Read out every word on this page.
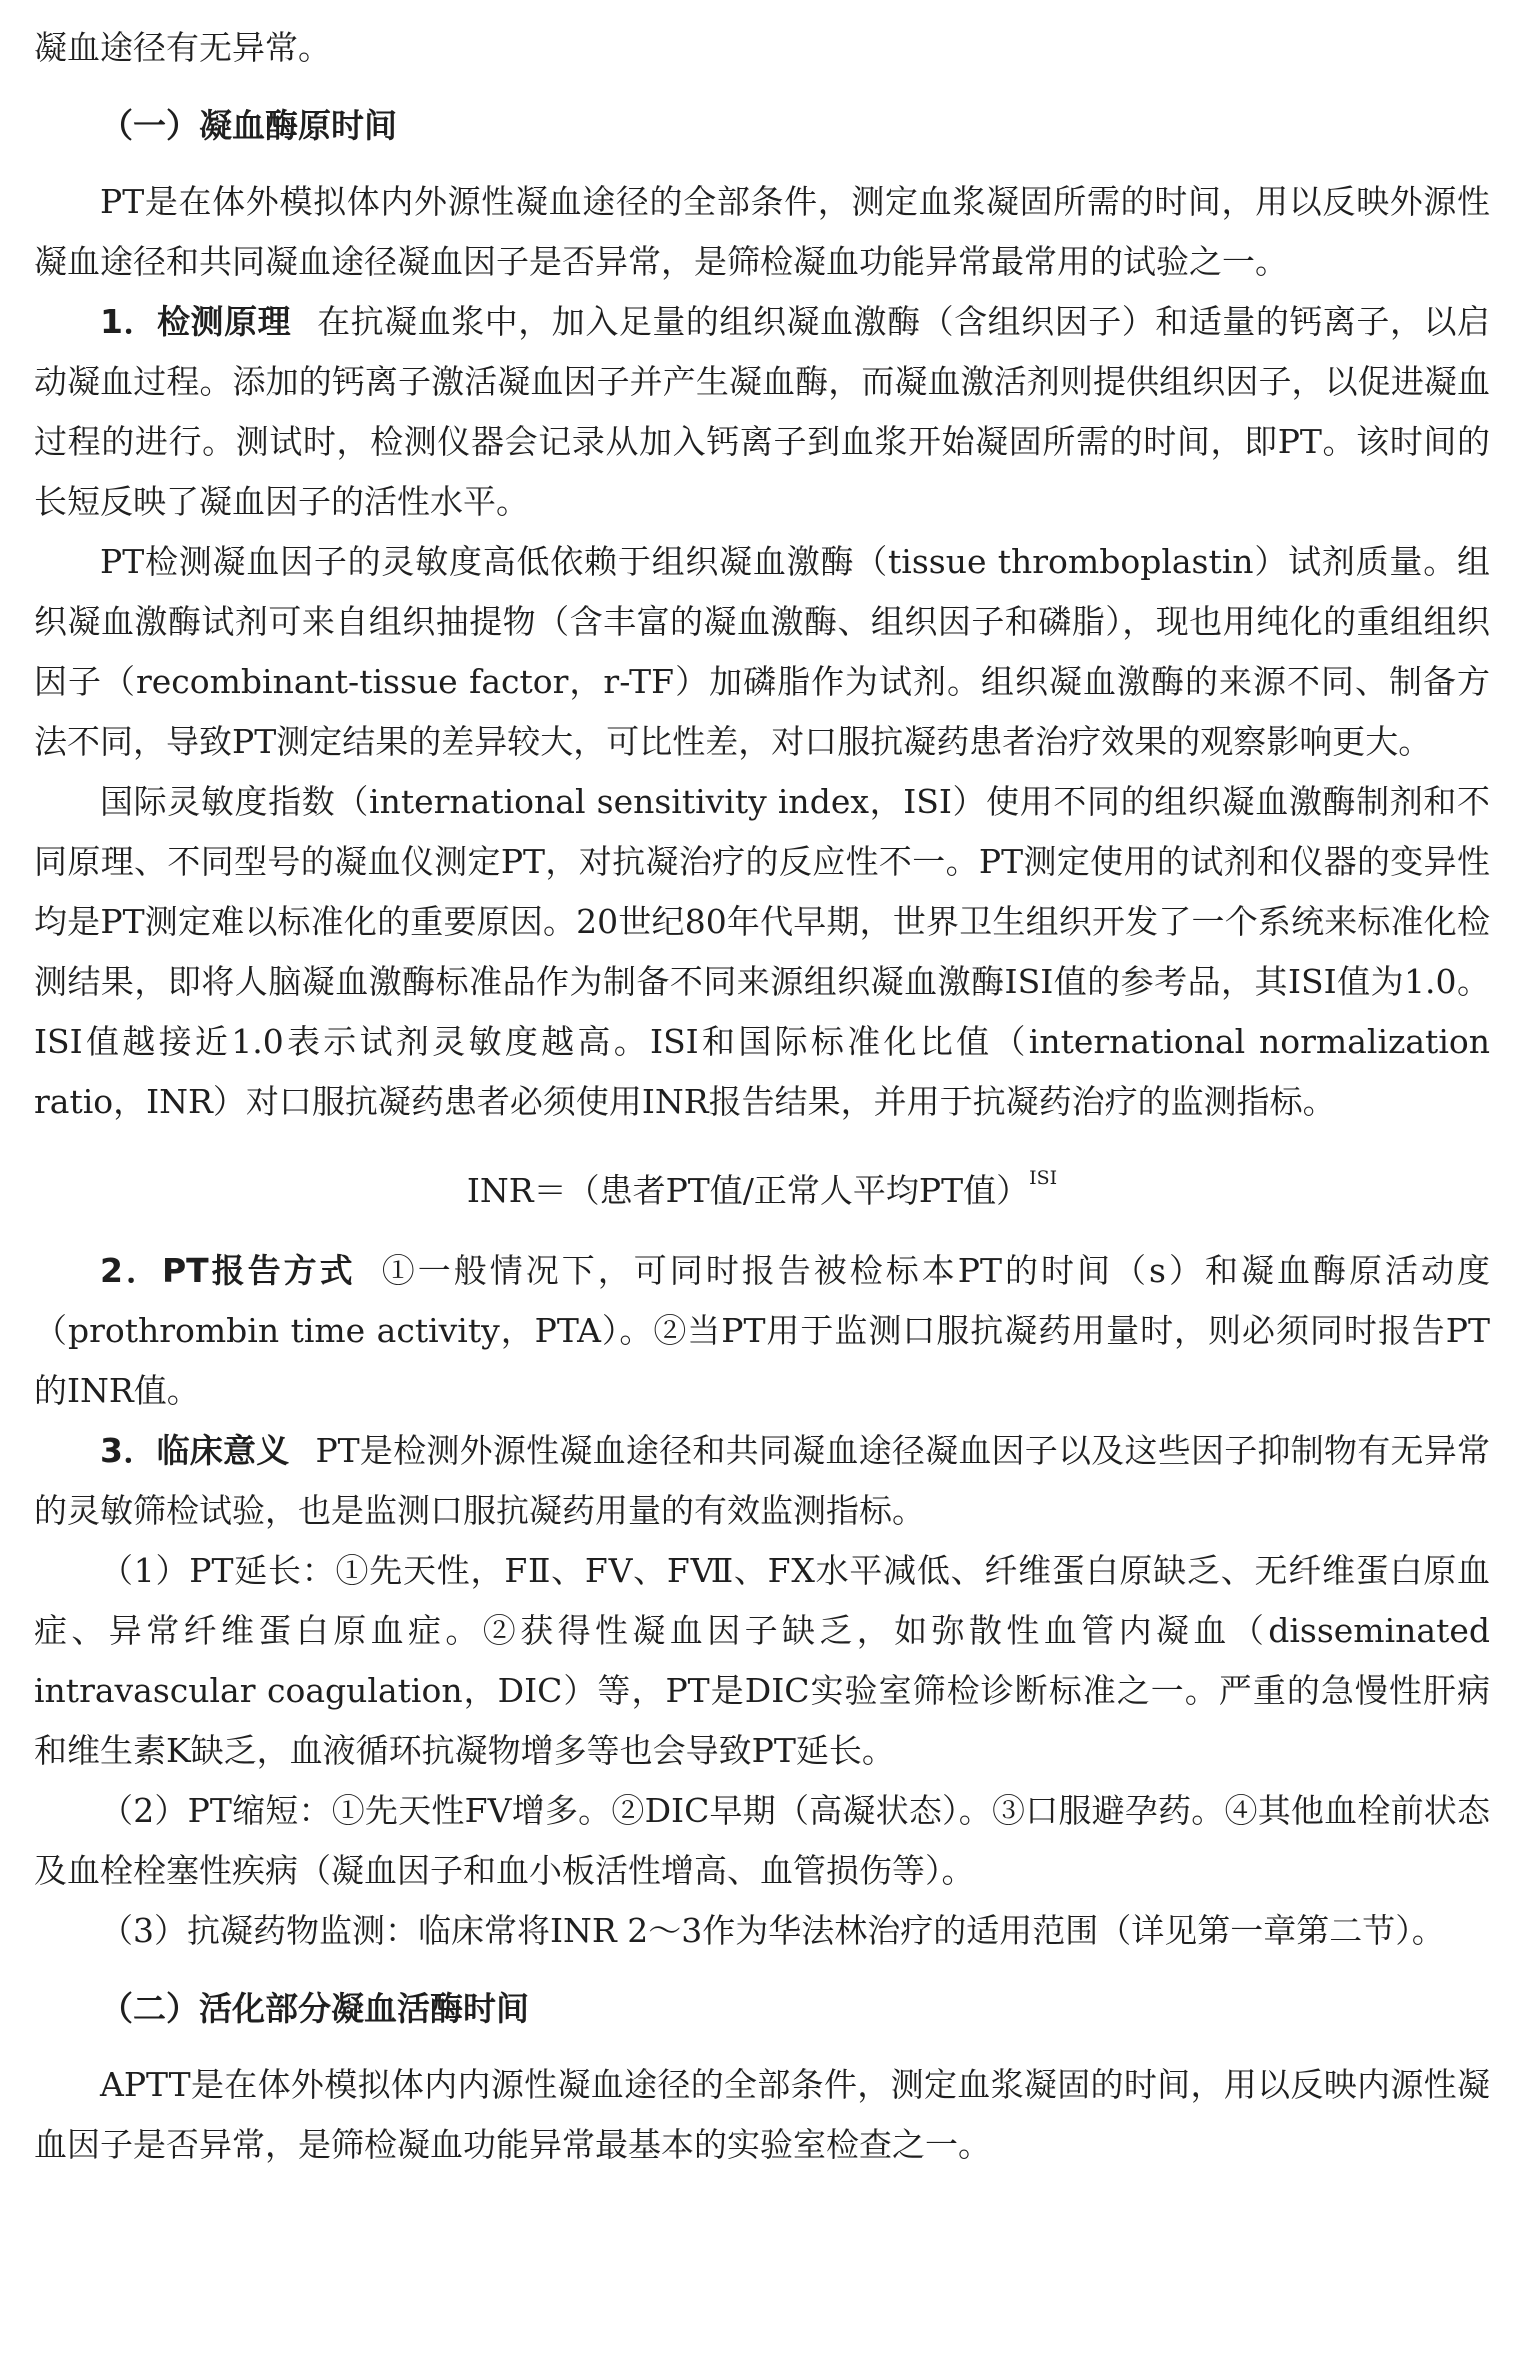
凝血途径有无异常。

（一）凝血酶原时间

PT是在体外模拟体内外源性凝血途径的全部条件，测定血浆凝固所需的时间，用以反映外源性凝血途径和共同凝血途径凝血因子是否异常，是筛检凝血功能异常最常用的试验之一。

1．检测原理 在抗凝血浆中，加入足量的组织凝血激酶（含组织因子）和适量的钙离子，以启动凝血过程。添加的钙离子激活凝血因子并产生凝血酶，而凝血激活剂则提供组织因子，以促进凝血过程的进行。测试时，检测仪器会记录从加入钙离子到血浆开始凝固所需的时间，即PT。该时间的长短反映了凝血因子的活性水平。

PT检测凝血因子的灵敏度高低依赖于组织凝血激酶（tissue thromboplastin）试剂质量。组织凝血激酶试剂可来自组织抽提物（含丰富的凝血激酶、组织因子和磷脂），现也用纯化的重组组织因子（recombinant-tissue factor，r-TF）加磷脂作为试剂。组织凝血激酶的来源不同、制备方法不同，导致PT测定结果的差异较大，可比性差，对口服抗凝药患者治疗效果的观察影响更大。

国际灵敏度指数（international sensitivity index，ISI）使用不同的组织凝血激酶制剂和不同原理、不同型号的凝血仪测定PT，对抗凝治疗的反应性不一。PT测定使用的试剂和仪器的变异性均是PT测定难以标准化的重要原因。20世纪80年代早期，世界卫生组织开发了一个系统来标准化检测结果，即将人脑凝血激酶标准品作为制备不同来源组织凝血激酶ISI值的参考品，其ISI值为1.0。ISI值越接近1.0表示试剂灵敏度越高。ISI和国际标准化比值（international normalization ratio，INR）对口服抗凝药患者必须使用INR报告结果，并用于抗凝药治疗的监测指标。

INR＝（患者PT值/正常人平均PT值）$^{ISI}$

2．PT报告方式 ①一般情况下，可同时报告被检标本PT的时间（s）和凝血酶原活动度（prothrombin time activity，PTA）。②当PT用于监测口服抗凝药用量时，则必须同时报告PT的INR值。

3．临床意义 PT是检测外源性凝血途径和共同凝血途径凝血因子以及这些因子抑制物有无异常的灵敏筛检试验，也是监测口服抗凝药用量的有效监测指标。

（1）PT延长：①先天性，FⅡ、FⅤ、FⅦ、FⅩ水平减低、纤维蛋白原缺乏、无纤维蛋白原血症、异常纤维蛋白原血症。②获得性凝血因子缺乏，如弥散性血管内凝血（disseminated intravascular coagulation，DIC）等，PT是DIC实验室筛检诊断标准之一。严重的急慢性肝病和维生素K缺乏，血液循环抗凝物增多等也会导致PT延长。

（2）PT缩短：①先天性FⅤ增多。②DIC早期（高凝状态）。③口服避孕药。④其他血栓前状态及血栓栓塞性疾病（凝血因子和血小板活性增高、血管损伤等）。

（3）抗凝药物监测：临床常将INR 2～3作为华法林治疗的适用范围（详见第一章第二节）。

（二）活化部分凝血活酶时间

APTT是在体外模拟体内内源性凝血途径的全部条件，测定血浆凝固的时间，用以反映内源性凝血因子是否异常，是筛检凝血功能异常最基本的实验室检查之一。
